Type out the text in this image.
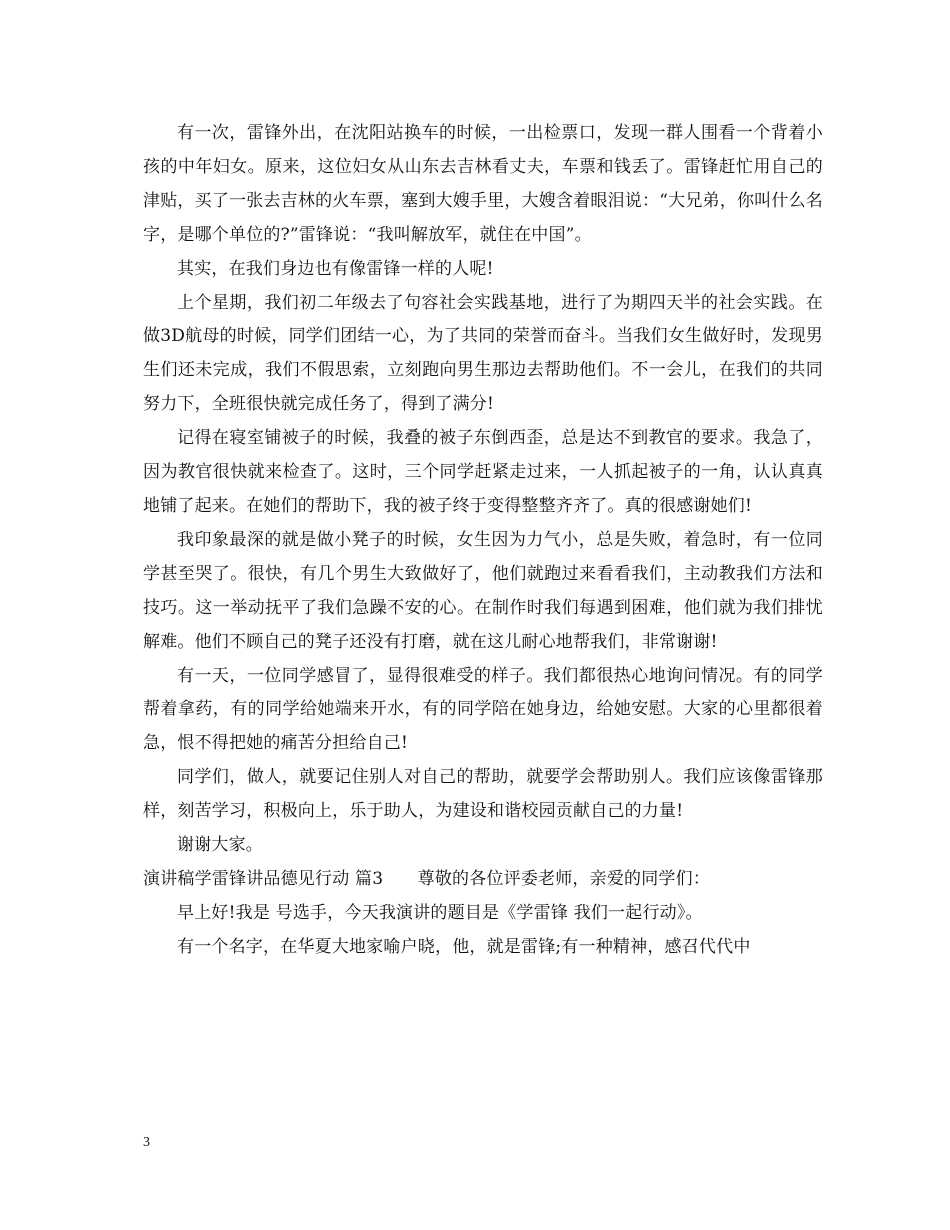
有一次，雷锋外出，在沈阳站换车的时候，一出检票口，发现一群人围看一个背着小孩的中年妇女。原来，这位妇女从山东去吉林看丈夫，车票和钱丢了。雷锋赶忙用自己的津贴，买了一张去吉林的火车票，塞到大嫂手里，大嫂含着眼泪说：“大兄弟，你叫什么名字，是哪个单位的?”雷锋说：“我叫解放军，就住在中国”。

其实，在我们身边也有像雷锋一样的人呢!

上个星期，我们初二年级去了句容社会实践基地，进行了为期四天半的社会实践。在做3D航母的时候，同学们团结一心，为了共同的荣誉而奋斗。当我们女生做好时，发现男生们还未完成，我们不假思索，立刻跑向男生那边去帮助他们。不一会儿，在我们的共同努力下，全班很快就完成任务了，得到了满分!

记得在寝室铺被子的时候，我叠的被子东倒西歪，总是达不到教官的要求。我急了，因为教官很快就来检查了。这时，三个同学赶紧走过来，一人抓起被子的一角，认认真真地铺了起来。在她们的帮助下，我的被子终于变得整整齐齐了。真的很感谢她们!

我印象最深的就是做小凳子的时候，女生因为力气小，总是失败，着急时，有一位同学甚至哭了。很快，有几个男生大致做好了，他们就跑过来看看我们，主动教我们方法和技巧。这一举动抚平了我们急躁不安的心。在制作时我们每遇到困难，他们就为我们排忧解难。他们不顾自己的凳子还没有打磨，就在这儿耐心地帮我们，非常谢谢!

有一天，一位同学感冒了，显得很难受的样子。我们都很热心地询问情况。有的同学帮着拿药，有的同学给她端来开水，有的同学陪在她身边，给她安慰。大家的心里都很着急，恨不得把她的痛苦分担给自己!

同学们，做人，就要记住别人对自己的帮助，就要学会帮助别人。我们应该像雷锋那样，刻苦学习，积极向上，乐于助人，为建设和谐校园贡献自己的力量!

谢谢大家。

演讲稿学雷锋讲品德见行动 篇3　　尊敬的各位评委老师，亲爱的同学们：

早上好!我是 号选手，今天我演讲的题目是《学雷锋 我们一起行动》。

有一个名字，在华夏大地家喻户晓，他，就是雷锋;有一种精神，感召代代中

3
